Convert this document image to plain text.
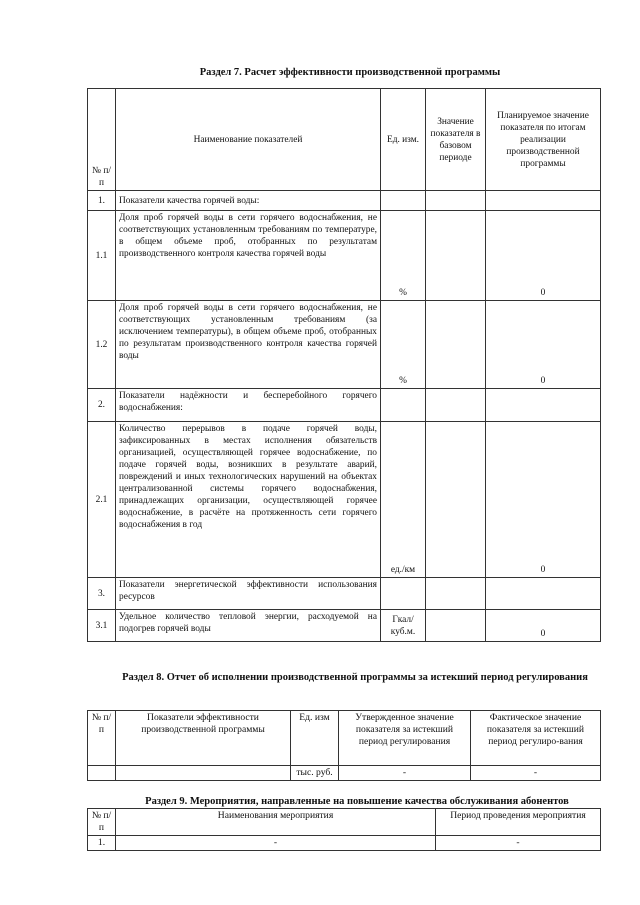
Раздел 7. Расчет эффективности производственной программы
№ п/п	Наименование показателей	Ед. изм.	Значение показателя в базовом периоде	Планируемое значение показателя по итогам реализации производственной программы
1.	Показатели качества горячей воды:			
1.1	Доля проб горячей воды в сети горячего водоснабжения, не соответствующих установленным требованиям по температуре, в общем объеме проб, отобранных по результатам производственного контроля качества горячей воды	%		0
1.2	Доля проб горячей воды в сети горячего водоснабжения, не соответствующих установленным требованиям (за исключением температуры), в общем объеме проб, отобранных по результатам производственного контроля качества горячей воды	%		0
2.	Показатели надёжности и бесперебойного горячего водоснабжения:			
2.1	Количество перерывов в подаче горячей воды, зафиксированных в местах исполнения обязательств организацией, осуществляющей горячее водоснабжение, по подаче горячей воды, возникших в результате аварий, повреждений и иных технологических нарушений на объектах централизованной системы горячего водоснабжения, принадлежащих организации, осуществляющей горячее водоснабжение, в расчёте на протяженность сети горячего водоснабжения в год	ед./км		0
3.	Показатели энергетической эффективности использования ресурсов			
3.1	Удельное количество тепловой энергии, расходуемой на подогрев горячей воды	Гкал/ куб.м.		0
Раздел 8. Отчет об исполнении производственной программы за истекший период регулирования
№ п/п	Показатели эффективности производственной программы	Ед. изм	Утвержденное значение показателя за истекший период регулирования	Фактическое значение показателя за истекший период регулиро-вания
		тыс. руб.	-	-
Раздел 9. Мероприятия, направленные на повышение качества обслуживания абонентов
№ п/п	Наименования мероприятия	Период проведения мероприятия
1.	-	-
